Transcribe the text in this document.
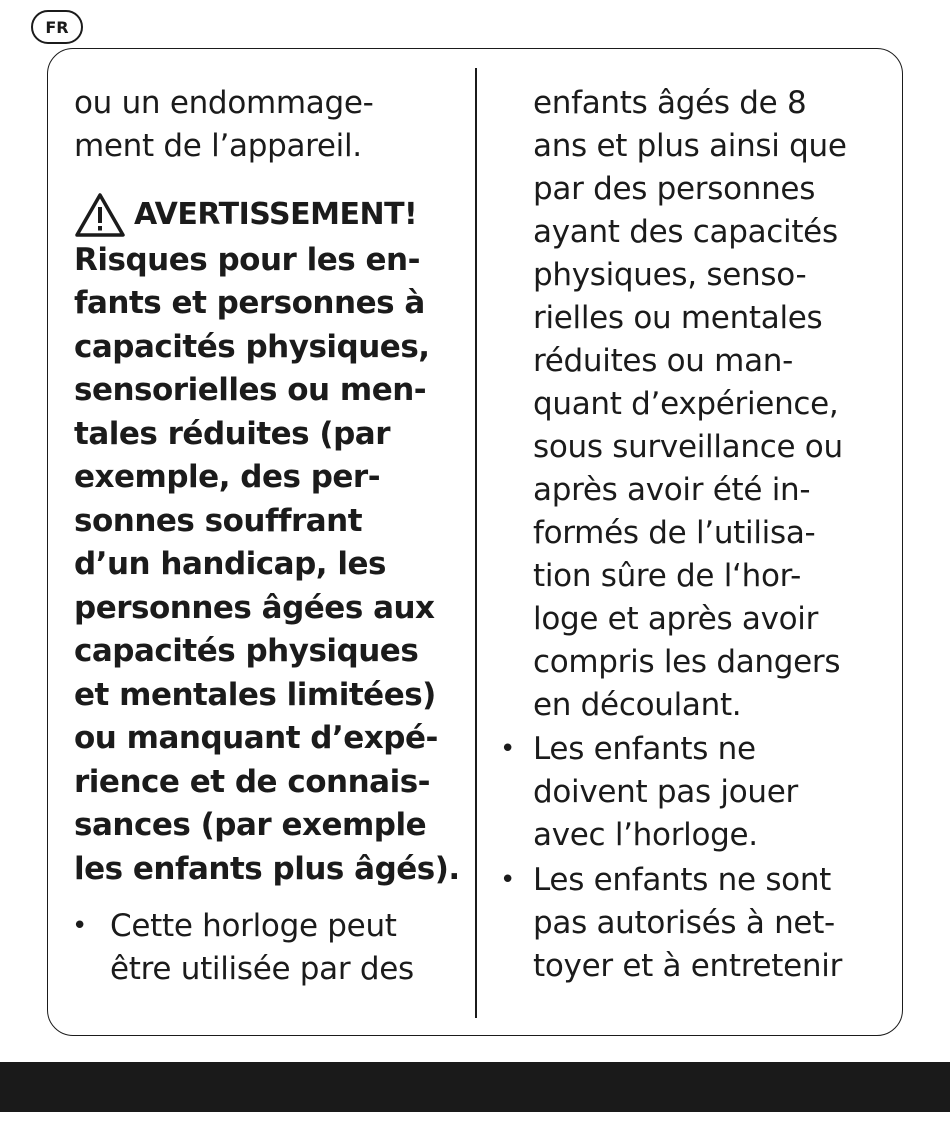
FR
ou un endommage-
ment de l’appareil.
AVERTISSEMENT!
Risques pour les en-
fants et personnes à
capacités physiques,
sensorielles ou men-
tales réduites (par
exemple, des per-
sonnes souffrant
d’un handicap, les
personnes âgées aux
capacités physiques
et mentales limitées)
ou manquant d’expé-
rience et de connais-
sances (par exemple
les enfants plus âgés).
• Cette horloge peut
être utilisée par des
enfants âgés de 8
ans et plus ainsi que
par des personnes
ayant des capacités
physiques, senso-
rielles ou mentales
réduites ou man-
quant d’expérience,
sous surveillance ou
après avoir été in-
formés de l’utilisa-
tion sûre de l‘hor-
loge et après avoir
compris les dangers
en découlant.
• Les enfants ne
doivent pas jouer
avec l’horloge.
• Les enfants ne sont
pas autorisés à net-
toyer et à entretenir
